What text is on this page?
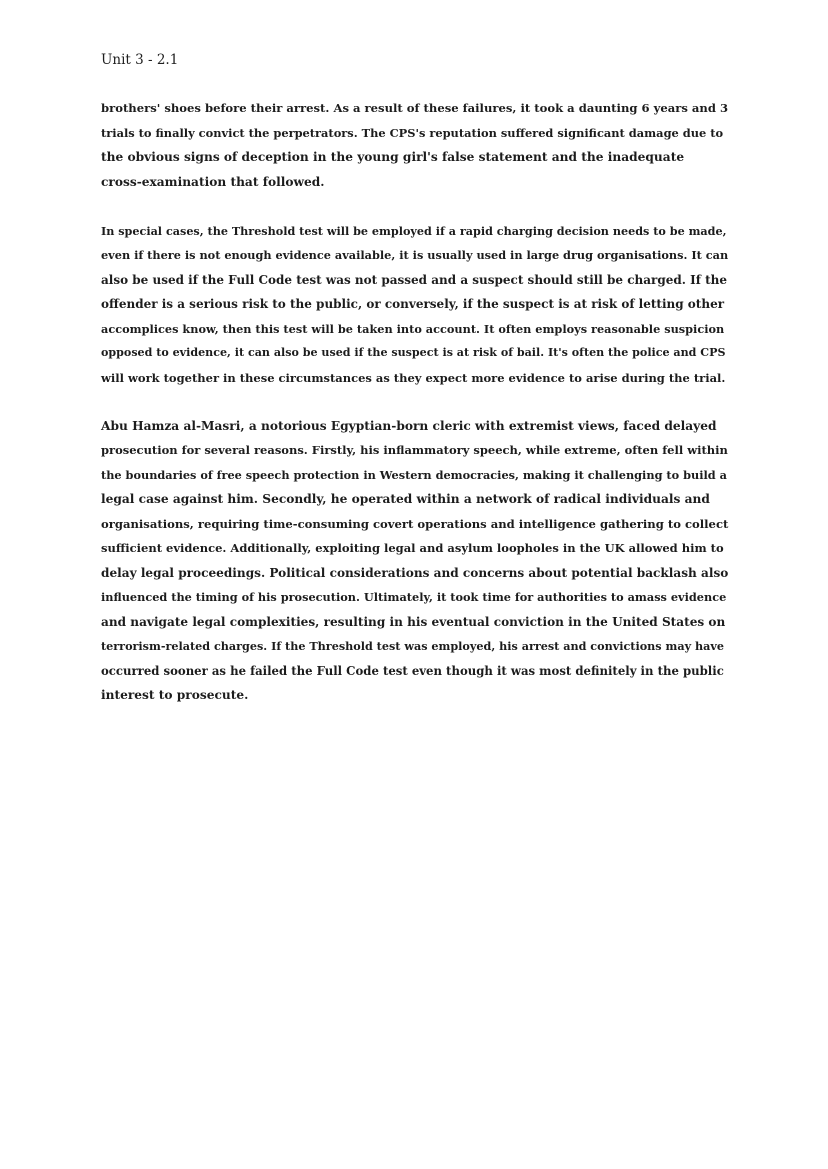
Unit 3 - 2.1
brothers' shoes before their arrest. As a result of these failures, it took a daunting 6 years and 3
trials to finally convict the perpetrators. The CPS's reputation suffered significant damage due to
the obvious signs of deception in the young girl's false statement and the inadequate
cross-examination that followed.
In special cases, the Threshold test will be employed if a rapid charging decision needs to be made,
even if there is not enough evidence available, it is usually used in large drug organisations. It can
also be used if the Full Code test was not passed and a suspect should still be charged. If the
offender is a serious risk to the public, or conversely, if the suspect is at risk of letting other
accomplices know, then this test will be taken into account. It often employs reasonable suspicion
opposed to evidence, it can also be used if the suspect is at risk of bail. It's often the police and CPS
will work together in these circumstances as they expect more evidence to arise during the trial.
Abu Hamza al-Masri, a notorious Egyptian-born cleric with extremist views, faced delayed
prosecution for several reasons. Firstly, his inflammatory speech, while extreme, often fell within
the boundaries of free speech protection in Western democracies, making it challenging to build a
legal case against him. Secondly, he operated within a network of radical individuals and
organisations, requiring time-consuming covert operations and intelligence gathering to collect
sufficient evidence. Additionally, exploiting legal and asylum loopholes in the UK allowed him to
delay legal proceedings. Political considerations and concerns about potential backlash also
influenced the timing of his prosecution. Ultimately, it took time for authorities to amass evidence
and navigate legal complexities, resulting in his eventual conviction in the United States on
terrorism-related charges. If the Threshold test was employed, his arrest and convictions may have
occurred sooner as he failed the Full Code test even though it was most definitely in the public
interest to prosecute.
